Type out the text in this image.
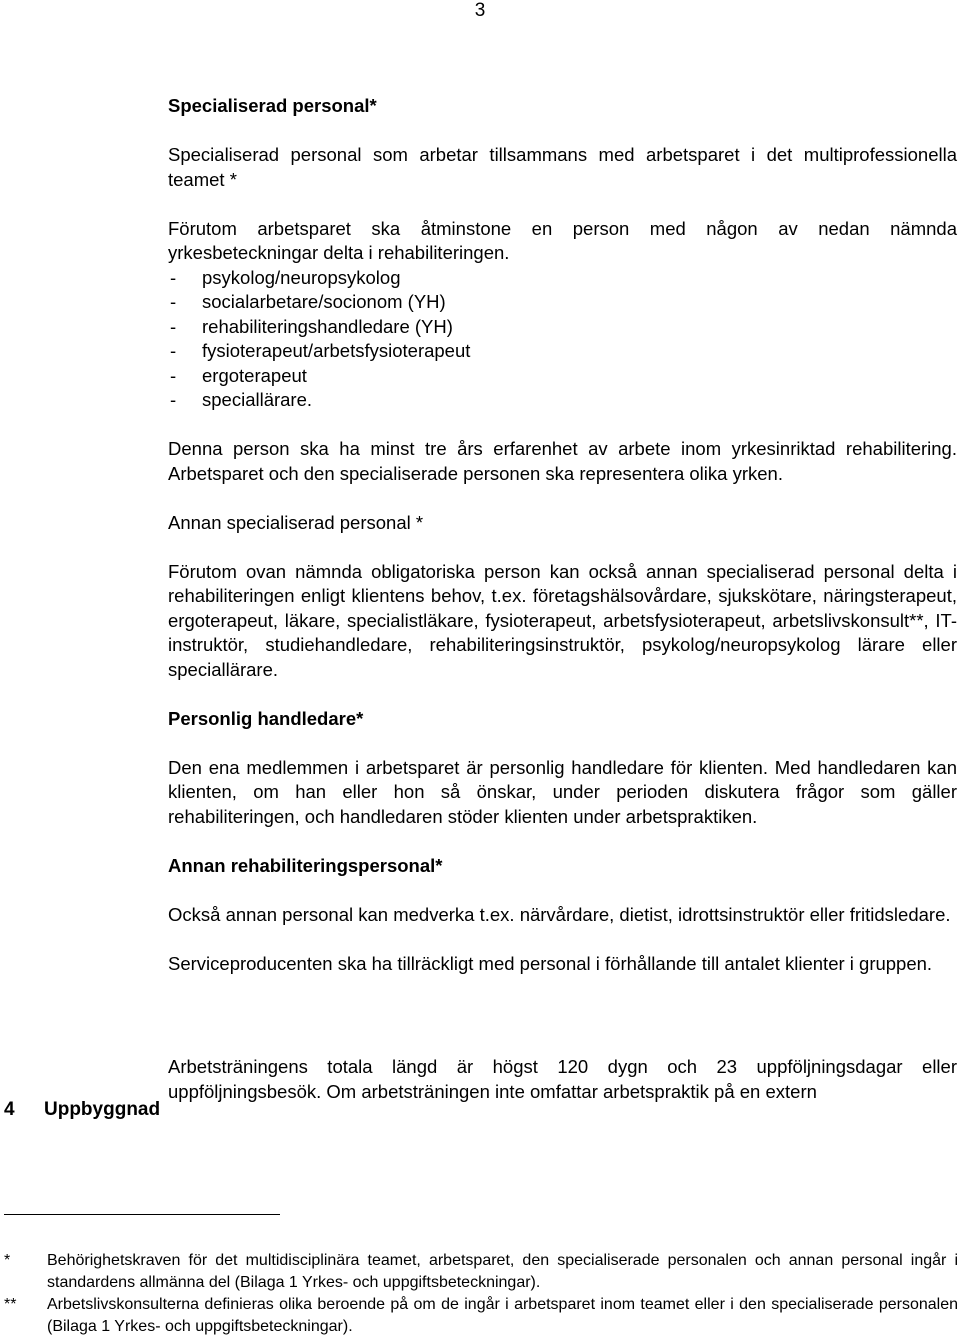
3
Specialiserad personal*

Specialiserad personal som arbetar tillsammans med arbetsparet i det multiprofessionella teamet *

Förutom arbetsparet ska åtminstone en person med någon av nedan nämnda yrkesbeteckningar delta i rehabiliteringen.

- psykolog/neuropsykolog
- socialarbetare/socionom (YH)
- rehabiliteringshandledare (YH)
- fysioterapeut/arbetsfysioterapeut
- ergoterapeut
- speciallärare.

Denna person ska ha minst tre års erfarenhet av arbete inom yrkesinriktad rehabilitering. Arbetsparet och den specialiserade personen ska representera olika yrken.

Annan specialiserad personal *

Förutom ovan nämnda obligatoriska person kan också annan specialiserad personal delta i rehabiliteringen enligt klientens behov, t.ex. företagshälsovårdare, sjukskötare, näringsterapeut, ergoterapeut, läkare, specialistläkare, fysioterapeut, arbetsfysioterapeut, arbetslivskonsult**, IT-instruktör, studiehandledare, rehabiliteringsinstruktör, psykolog/neuropsykolog lärare eller speciallärare.

Personlig handledare*

Den ena medlemmen i arbetsparet är personlig handledare för klienten. Med handledaren kan klienten, om han eller hon så önskar, under perioden diskutera frågor som gäller rehabiliteringen, och handledaren stöder klienten under arbetspraktiken.

Annan rehabiliteringspersonal*

Också annan personal kan medverka t.ex. närvårdare, dietist, idrottsinstruktör eller fritidsledare.

Serviceproducenten ska ha tillräckligt med personal i förhållande till antalet klienter i gruppen.

Arbetsträningens totala längd är högst 120 dygn och 23 uppföljningsdagar eller uppföljningsbesök. Om arbetsträningen inte omfattar arbetspraktik på en extern

4 Uppbyggnad
* Behörighetskraven för det multidisciplinära teamet, arbetsparet, den specialiserade personalen och annan personal ingår i standardens allmänna del (Bilaga 1 Yrkes- och uppgiftsbeteckningar).
** Arbetslivskonsulterna definieras olika beroende på om de ingår i arbetsparet inom teamet eller i den specialiserade personalen (Bilaga 1 Yrkes- och uppgiftsbeteckningar).
